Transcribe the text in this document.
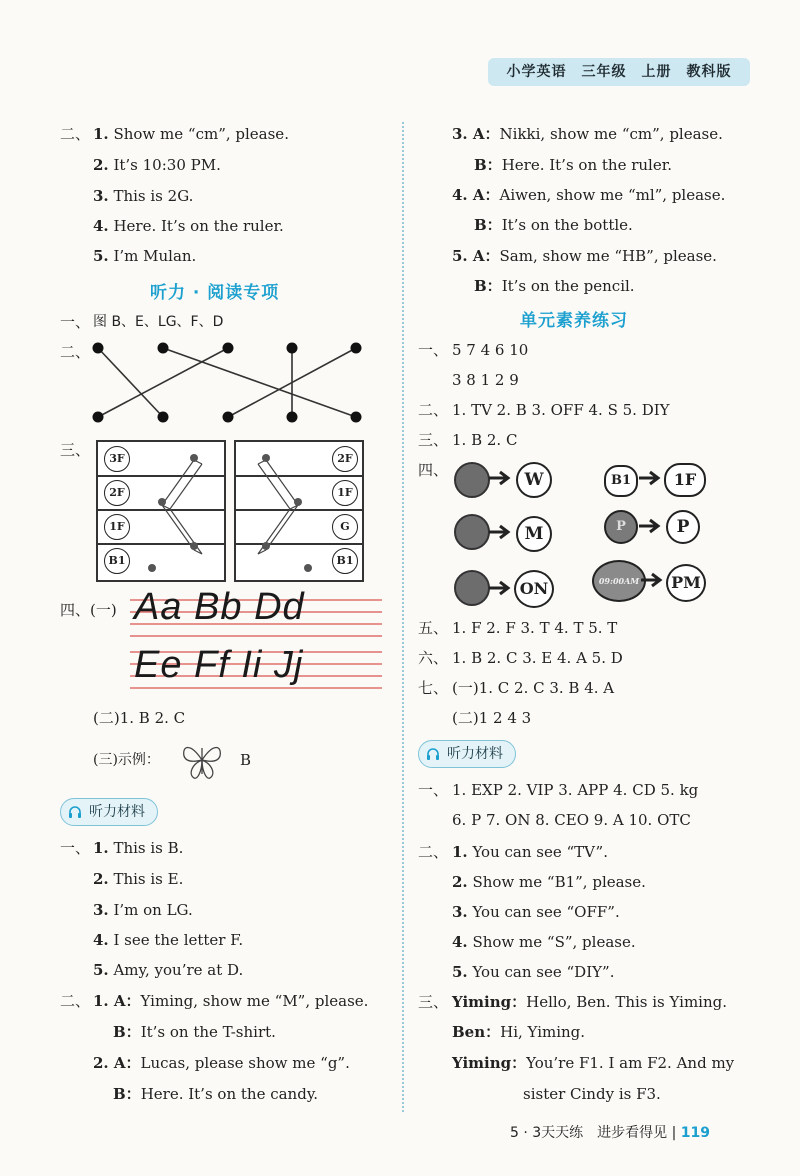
小学英语　三年级　上册　教科版
二、 1. Show me “cm”, please.
2. It’s 10:30 PM.
3. This is 2G.
4. Here. It’s on the ruler.
5. I’m Mulan.
听力 · 阅读专项
一、 图 B、E、LG、F、D
二、
三、	3F
2F
1F
B1
2F
1F
G
B1
四、 (一) Aa Bb Dd
Ee Ff Ii Jj
(二)1. B 2. C
(三)示例：	B
听力材料
一、 1. This is B.
2. This is E.
3. I’m on LG.
4. I see the letter F.
5. Amy, you’re at D.
二、 1. A：Yiming, show me “M”, please.
B：It’s on the T-shirt.
2. A：Lucas, please show me “g”.
B：Here. It’s on the candy.
3. A：Nikki, show me “cm”, please.
B：Here. It’s on the ruler.
4. A：Aiwen, show me “ml”, please.
B：It’s on the bottle.
5. A：Sam, show me “HB”, please.
B：It’s on the pencil.
单元素养练习
一、 5 7 4 6 10
3 8 1 2 9
二、 1. TV 2. B 3. OFF 4. S 5. DIY
三、 1. B 2. C
四、	W	B1	1F
M	P	P
ON	09:00AM	PM
五、 1. F 2. F 3. T 4. T 5. T
六、 1. B 2. C 3. E 4. A 5. D
七、 (一)1. C 2. C 3. B 4. A
(二)1 2 4 3
听力材料
一、 1. EXP 2. VIP 3. APP 4. CD 5. kg
6. P 7. ON 8. CEO 9. A 10. OTC
二、 1. You can see “TV”.
2. Show me “B1”, please.
3. You can see “OFF”.
4. Show me “S”, please.
5. You can see “DIY”.
三、 Yiming：Hello, Ben. This is Yiming.
Ben：Hi, Yiming.
Yiming：You’re F1. I am F2. And my
sister Cindy is F3.
5 · 3天天练　进步看得见 | 119
